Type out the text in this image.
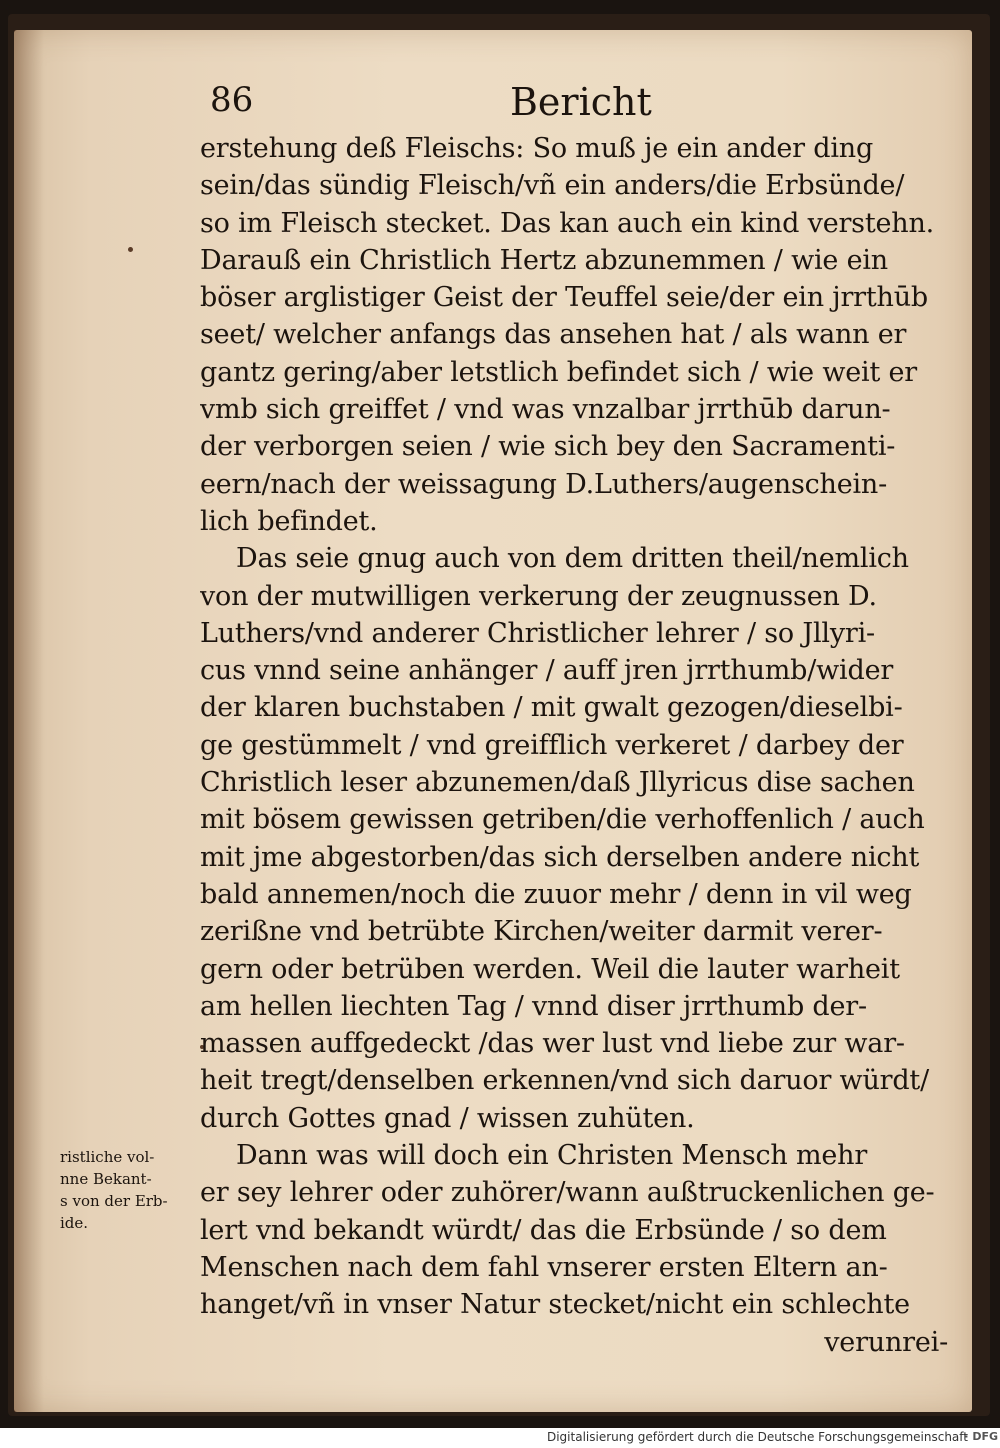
86	Bericht
erstehung deß Fleischs: So muß je ein ander ding
sein/das sündig Fleisch/vñ ein anders/die Erbsünde/
so im Fleisch stecket. Das kan auch ein kind verstehn.
Darauß ein Christlich Hertz abzunemmen / wie ein
böser arglistiger Geist der Teuffel seie/der ein jrrthūb
seet/ welcher anfangs das ansehen hat / als wann er
gantz gering/aber letstlich befindet sich / wie weit er
vmb sich greiffet / vnd was vnzalbar jrrthūb darun-
der verborgen seien / wie sich bey den Sacramenti-
eern/nach der weissagung D.Luthers/augenschein-
lich befindet.
Das seie gnug auch von dem dritten theil/nemlich
von der mutwilligen verkerung der zeugnussen D.
Luthers/vnd anderer Christlicher lehrer / so Jllyri-
cus vnnd seine anhänger / auff jren jrrthumb/wider
der klaren buchstaben / mit gwalt gezogen/dieselbi-
ge gestümmelt / vnd greifflich verkeret / darbey der
Christlich leser abzunemen/daß Jllyricus dise sachen
mit bösem gewissen getriben/die verhoffenlich / auch
mit jme abgestorben/das sich derselben andere nicht
bald annemen/noch die zuuor mehr / denn in vil weg
zerißne vnd betrübte Kirchen/weiter darmit verer-
gern oder betrüben werden. Weil die lauter warheit
am hellen liechten Tag / vnnd diser jrrthumb der-
massen auffgedeckt /das wer lust vnd liebe zur war-
heit tregt/denselben erkennen/vnd sich daruor würdt/
durch Gottes gnad / wissen zuhüten.
Dann was will doch ein Christen Mensch mehr
er sey lehrer oder zuhörer/wann außtruckenlichen ge-
lert vnd bekandt würdt/ das die Erbsünde / so dem
Menschen nach dem fahl vnserer ersten Eltern an-
hanget/vñ in vnser Natur stecket/nicht ein schlechte
verunrei-
ristliche vol-
nne Bekant-
s von der Erb-
ide.
Digitalisierung gefördert durch die Deutsche Forschungsgemeinschaft
· DFG
